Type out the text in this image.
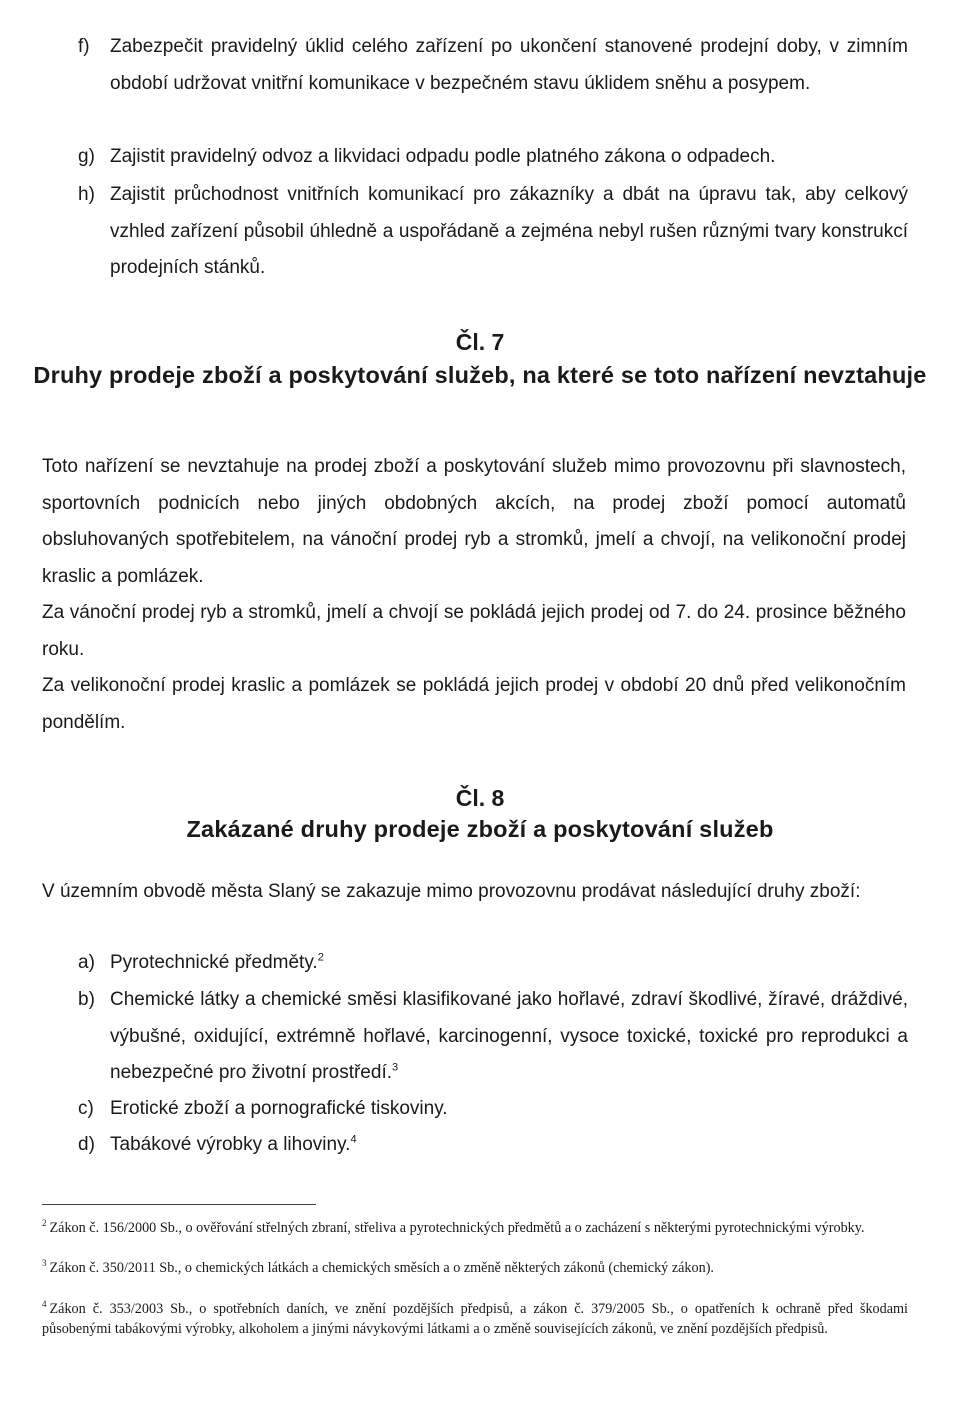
f) Zabezpečit pravidelný úklid celého zařízení po ukončení stanovené prodejní doby, v zimním období udržovat vnitřní komunikace v bezpečném stavu úklidem sněhu a posypem.
g) Zajistit pravidelný odvoz a likvidaci odpadu podle platného zákona o odpadech.
h) Zajistit průchodnost vnitřních komunikací pro zákazníky a dbát na úpravu tak, aby celkový vzhled zařízení působil úhledně a uspořádaně a zejména nebyl rušen různými tvary konstrukcí prodejních stánků.
Čl. 7
Druhy prodeje zboží a poskytování služeb, na které se toto nařízení nevztahuje

Toto nařízení se nevztahuje na prodej zboží a poskytování služeb mimo provozovnu při slavnostech, sportovních podnicích nebo jiných obdobných akcích, na prodej zboží pomocí automatů obsluhovaných spotřebitelem, na vánoční prodej ryb a stromků, jmelí a chvojí, na velikonoční prodej kraslic a pomlázek.

Za vánoční prodej ryb a stromků, jmelí a chvojí se pokládá jejich prodej od 7. do 24. prosince běžného roku.

Za velikonoční prodej kraslic a pomlázek se pokládá jejich prodej v období 20 dnů před velikonočním pondělím.

Čl. 8
Zakázané druhy prodeje zboží a poskytování služeb

V územním obvodě města Slaný se zakazuje mimo provozovnu prodávat následující druhy zboží:

a) Pyrotechnické předměty.$^2$
b) Chemické látky a chemické směsi klasifikované jako hořlavé, zdraví škodlivé, žíravé, dráždivé, výbušné, oxidující, extrémně hořlavé, karcinogenní, vysoce toxické, toxické pro reprodukci a nebezpečné pro životní prostředí.$^3$
c) Erotické zboží a pornografické tiskoviny.
d) Tabákové výrobky a lihoviny.$^4$
$^2$ Zákon č. 156/2000 Sb., o ověřování střelných zbraní, střeliva a pyrotechnických předmětů a o zacházení s některými pyrotechnickými výrobky.
$^3$ Zákon č. 350/2011 Sb., o chemických látkách a chemických směsích a o změně některých zákonů (chemický zákon).
$^4$ Zákon č. 353/2003 Sb., o spotřebních daních, ve znění pozdějších předpisů, a zákon č. 379/2005 Sb., o opatřeních k ochraně před škodami působenými tabákovými výrobky, alkoholem a jinými návykovými látkami a o změně souvisejících zákonů, ve znění pozdějších předpisů.
